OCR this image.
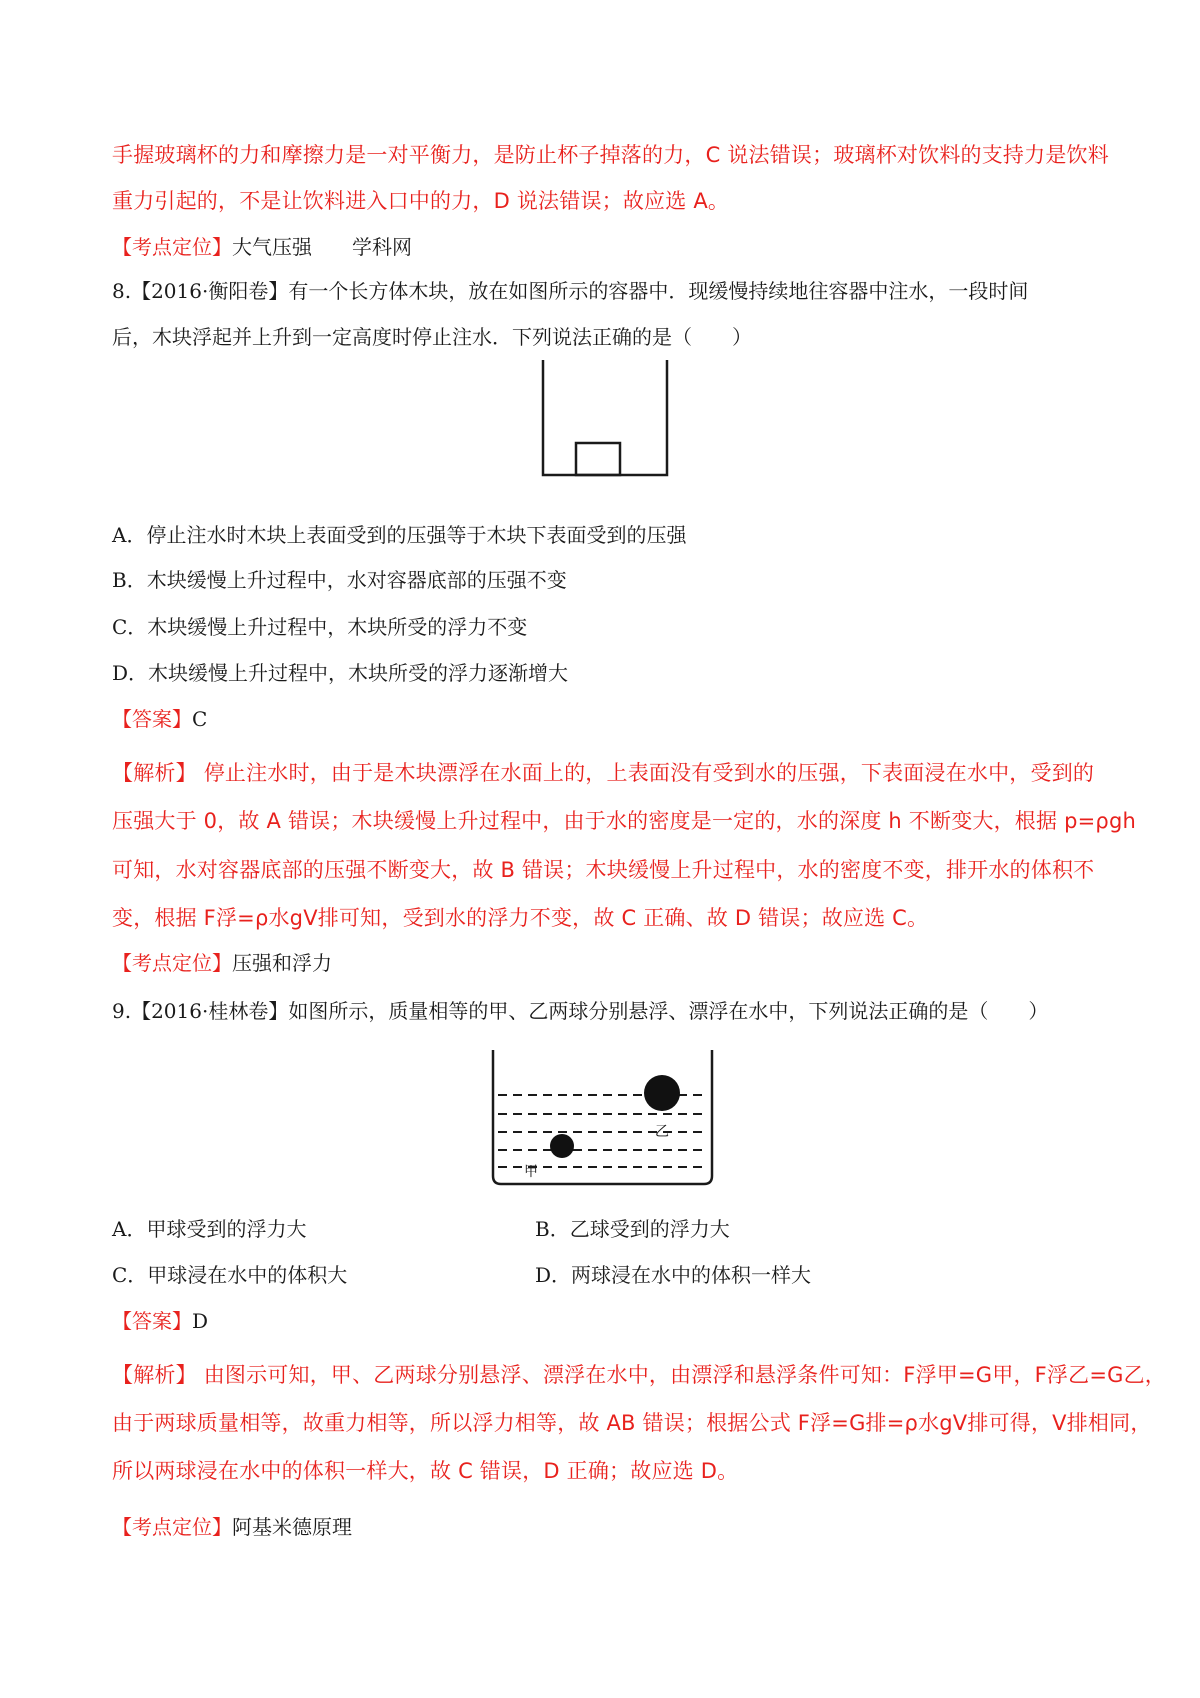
手握玻璃杯的力和摩擦力是一对平衡力，是防止杯子掉落的力，C 说法错误；玻璃杯对饮料的支持力是饮料
重力引起的，不是让饮料进入口中的力，D 说法错误；故应选 A。
【考点定位】大气压强 学科网
8.【2016·衡阳卷】有一个长方体木块，放在如图所示的容器中．现缓慢持续地往容器中注水，一段时间
后，木块浮起并上升到一定高度时停止注水．下列说法正确的是（　　）
A．停止注水时木块上表面受到的压强等于木块下表面受到的压强
B．木块缓慢上升过程中，水对容器底部的压强不变
C．木块缓慢上升过程中，木块所受的浮力不变
D．木块缓慢上升过程中，木块所受的浮力逐渐增大
【答案】C
【解析】 停止注水时，由于是木块漂浮在水面上的，上表面没有受到水的压强，下表面浸在水中，受到的
压强大于 0，故 A 错误；木块缓慢上升过程中，由于水的密度是一定的，水的深度 h 不断变大，根据 p=ρgh
可知，水对容器底部的压强不断变大，故 B 错误；木块缓慢上升过程中，水的密度不变，排开水的体积不
变，根据 F浮=ρ水gV排可知，受到水的浮力不变，故 C 正确、故 D 错误；故应选 C。
【考点定位】压强和浮力
9.【2016·桂林卷】如图所示，质量相等的甲、乙两球分别悬浮、漂浮在水中，下列说法正确的是（　　）
乙
甲
A．甲球受到的浮力大	B．乙球受到的浮力大
C．甲球浸在水中的体积大	D．两球浸在水中的体积一样大
【答案】D
【解析】 由图示可知，甲、乙两球分别悬浮、漂浮在水中，由漂浮和悬浮条件可知：F浮甲=G甲，F浮乙=G乙，
由于两球质量相等，故重力相等，所以浮力相等，故 AB 错误；根据公式 F浮=G排=ρ水gV排可得，V排相同，
所以两球浸在水中的体积一样大，故 C 错误，D 正确；故应选 D。
【考点定位】阿基米德原理
